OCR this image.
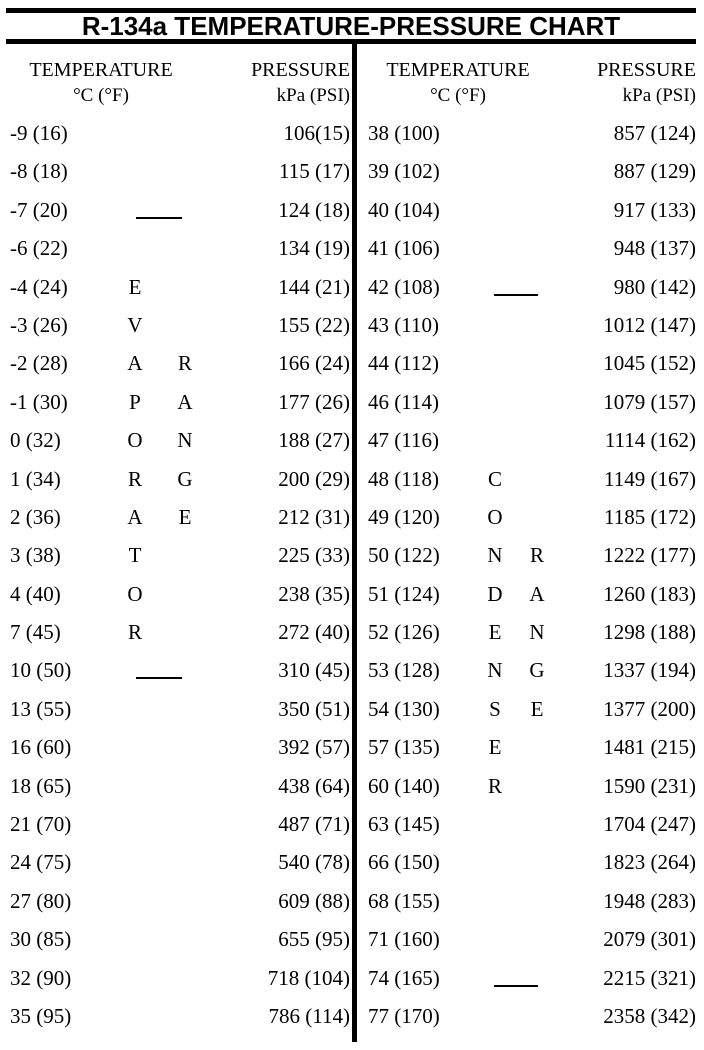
R-134a TEMPERATURE-PRESSURE CHART
TEMPERATURE
°C (°F)
PRESSURE
kPa (PSI)
-9 (16)	106(15)
-8 (18)	115 (17)
-7 (20)	124 (18)
-6 (22)	134 (19)
-4 (24)	E	144 (21)
-3 (26)	V	155 (22)
-2 (28)	A R	166 (24)
-1 (30)	P A	177 (26)
0 (32)	O N	188 (27)
1 (34)	R G	200 (29)
2 (36)	A E	212 (31)
3 (38)	T	225 (33)
4 (40)	O	238 (35)
7 (45)	R	272 (40)
10 (50)	310 (45)
13 (55)	350 (51)
16 (60)	392 (57)
18 (65)	438 (64)
21 (70)	487 (71)
24 (75)	540 (78)
27 (80)	609 (88)
30 (85)	655 (95)
32 (90)	718 (104)
35 (95)	786 (114)
TEMPERATURE
°C (°F)
PRESSURE
kPa (PSI)
38 (100)	857 (124)
39 (102)	887 (129)
40 (104)	917 (133)
41 (106)	948 (137)
42 (108)	980 (142)
43 (110)	1012 (147)
44 (112)	1045 (152)
46 (114)	1079 (157)
47 (116)	1114 (162)
48 (118) C	1149 (167)
49 (120) O	1185 (172)
50 (122) N R	1222 (177)
51 (124) D A	1260 (183)
52 (126) E N	1298 (188)
53 (128) N G	1337 (194)
54 (130) S E	1377 (200)
57 (135) E	1481 (215)
60 (140) R	1590 (231)
63 (145)	1704 (247)
66 (150)	1823 (264)
68 (155)	1948 (283)
71 (160)	2079 (301)
74 (165)	2215 (321)
77 (170)	2358 (342)
